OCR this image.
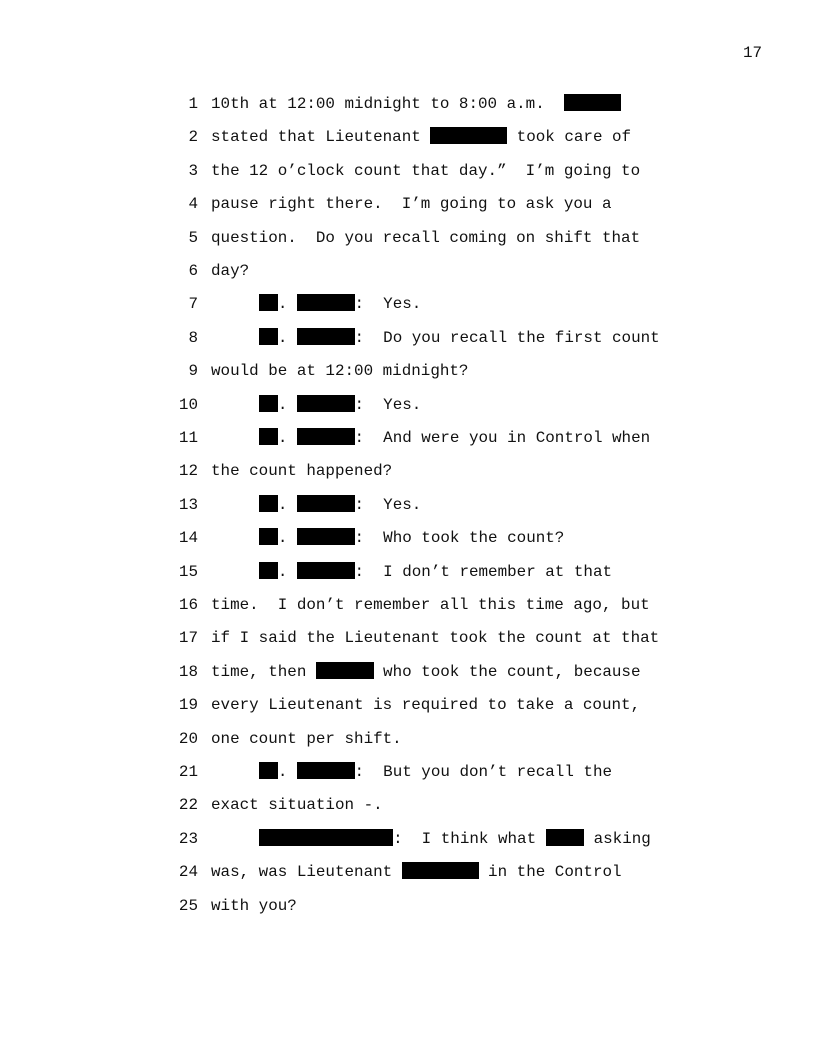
17
1 10th at 12:00 midnight to 8:00 a.m.
2 stated that Lieutenant	took care of
3 the 12 o’clock count that day.”  I’m going to
4 pause right there.  I’m going to ask you a
5 question.  Do you recall coming on shift that
6 day?
7	.	:  Yes.
8	.	:  Do you recall the first count
9 would be at 12:00 midnight?
10	.	:  Yes.
11	.	:  And were you in Control when
12 the count happened?
13	.	:  Yes.
14	.	:  Who took the count?
15	.	:  I don’t remember at that
16 time.  I don’t remember all this time ago, but
17 if I said the Lieutenant took the count at that
18 time, then	who took the count, because
19 every Lieutenant is required to take a count,
20 one count per shift.
21	.	:  But you don’t recall the
22 exact situation -.
23	:  I think what  asking
24 was, was Lieutenant	in the Control
25 with you?
